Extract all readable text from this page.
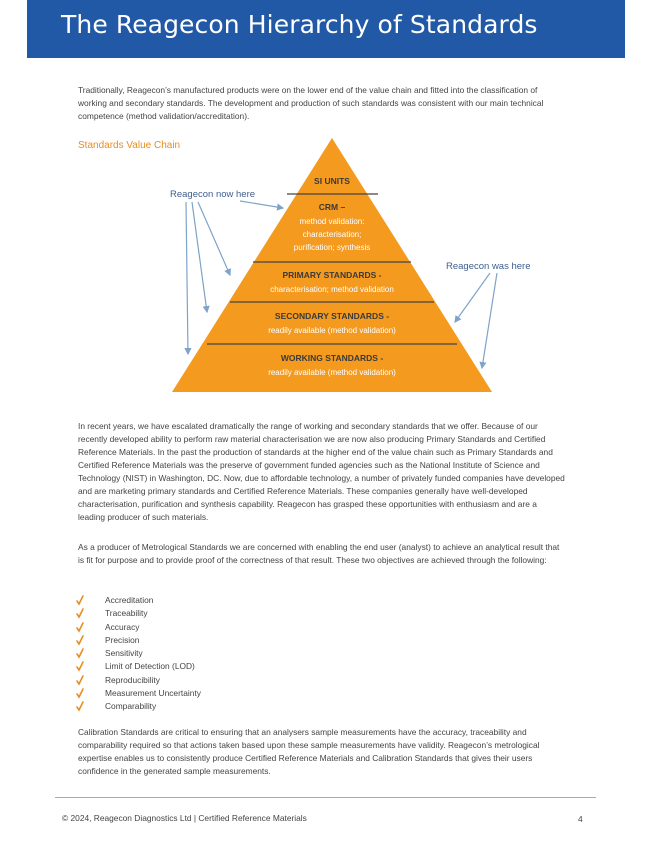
The Reagecon Hierarchy of Standards

Traditionally, Reagecon’s manufactured products were on the lower end of the value chain and fitted into the classification of working and secondary standards. The development and production of such standards was consistent with our main technical competence (method validation/accreditation).

Standards Value Chain
SI UNITS
CRM –
method validation:
characterisation;
purification; synthesis
PRIMARY STANDARDS -
characterisation; method validation
SECONDARY STANDARDS -
readily available (method validation)
WORKING STANDARDS -
readily available (method validation)
Reagecon now here
Reagecon was here

In recent years, we have escalated dramatically the range of working and secondary standards that we offer. Because of our recently developed ability to perform raw material characterisation we are now also producing Primary Standards and Certified Reference Materials. In the past the production of standards at the higher end of the value chain such as Primary Standards and Certified Reference Materials was the preserve of government funded agencies such as the National Institute of Science and Technology (NIST) in Washington, DC. Now, due to affordable technology, a number of privately funded companies have developed and are marketing primary standards and Certified Reference Materials. These companies generally have well-developed characterisation, purification and synthesis capability. Reagecon has grasped these opportunities with enthusiasm and are a leading producer of such materials.

As a producer of Metrological Standards we are concerned with enabling the end user (analyst) to achieve an analytical result that is fit for purpose and to provide proof of the correctness of that result. These two objectives are achieved through the following:

Accreditation
Traceability
Accuracy
Precision
Sensitivity
Limit of Detection (LOD)
Reproducibility
Measurement Uncertainty
Comparability

Calibration Standards are critical to ensuring that an analysers sample measurements have the accuracy, traceability and comparability required so that actions taken based upon these sample measurements have validity. Reagecon’s metrological expertise enables us to consistently produce Certified Reference Materials and Calibration Standards that gives their users confidence in the generated sample measurements.

© 2024, Reagecon Diagnostics Ltd | Certified Reference Materials	4
